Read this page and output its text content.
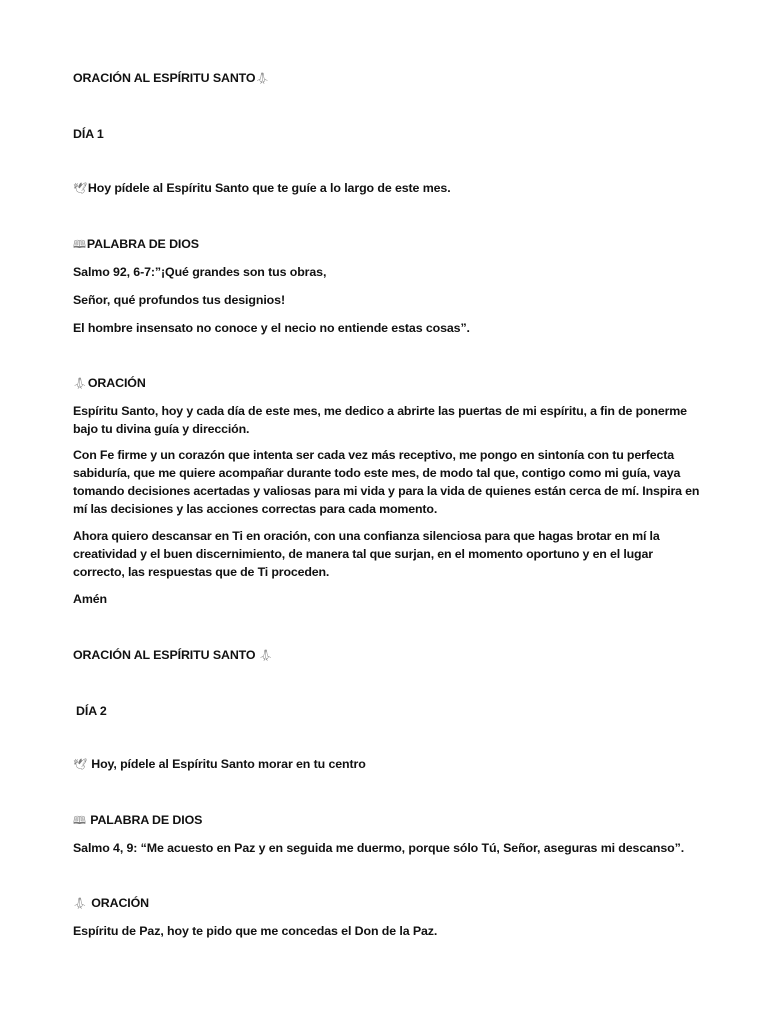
ORACIÓN AL ESPÍRITU SANTO🙏︎
DÍA 1
🕊︎Hoy pídele al Espíritu Santo que te guíe a lo largo de este mes.
🕮︎PALABRA DE DIOS
Salmo 92, 6-7:”¡Qué grandes son tus obras,
Señor, qué profundos tus designios!
El hombre insensato no conoce y el necio no entiende estas cosas”.
🙏︎ORACIÓN

Espíritu Santo, hoy y cada día de este mes, me dedico a abrirte las puertas de mi espíritu, a fin de ponerme bajo tu divina guía y dirección.

Con Fe firme y un corazón que intenta ser cada vez más receptivo, me pongo en sintonía con tu perfecta sabiduría, que me quiere acompañar durante todo este mes, de modo tal que, contigo como mi guía, vaya tomando decisiones acertadas y valiosas para mi vida y para la vida de quienes están cerca de mí. Inspira en mí las decisiones y las acciones correctas para cada momento.

Ahora quiero descansar en Ti en oración, con una confianza silenciosa para que hagas brotar en mí la creatividad y el buen discernimiento, de manera tal que surjan, en el momento oportuno y en el lugar correcto, las respuestas que de Ti proceden.

Amén
ORACIÓN AL ESPÍRITU SANTO 🙏︎
DÍA 2
🕊︎ Hoy, pídele al Espíritu Santo morar en tu centro
🕮︎ PALABRA DE DIOS
Salmo 4, 9: “Me acuesto en Paz y en seguida me duermo, porque sólo Tú, Señor, aseguras mi descanso”.
🙏︎ ORACIÓN
Espíritu de Paz, hoy te pido que me concedas el Don de la Paz.
